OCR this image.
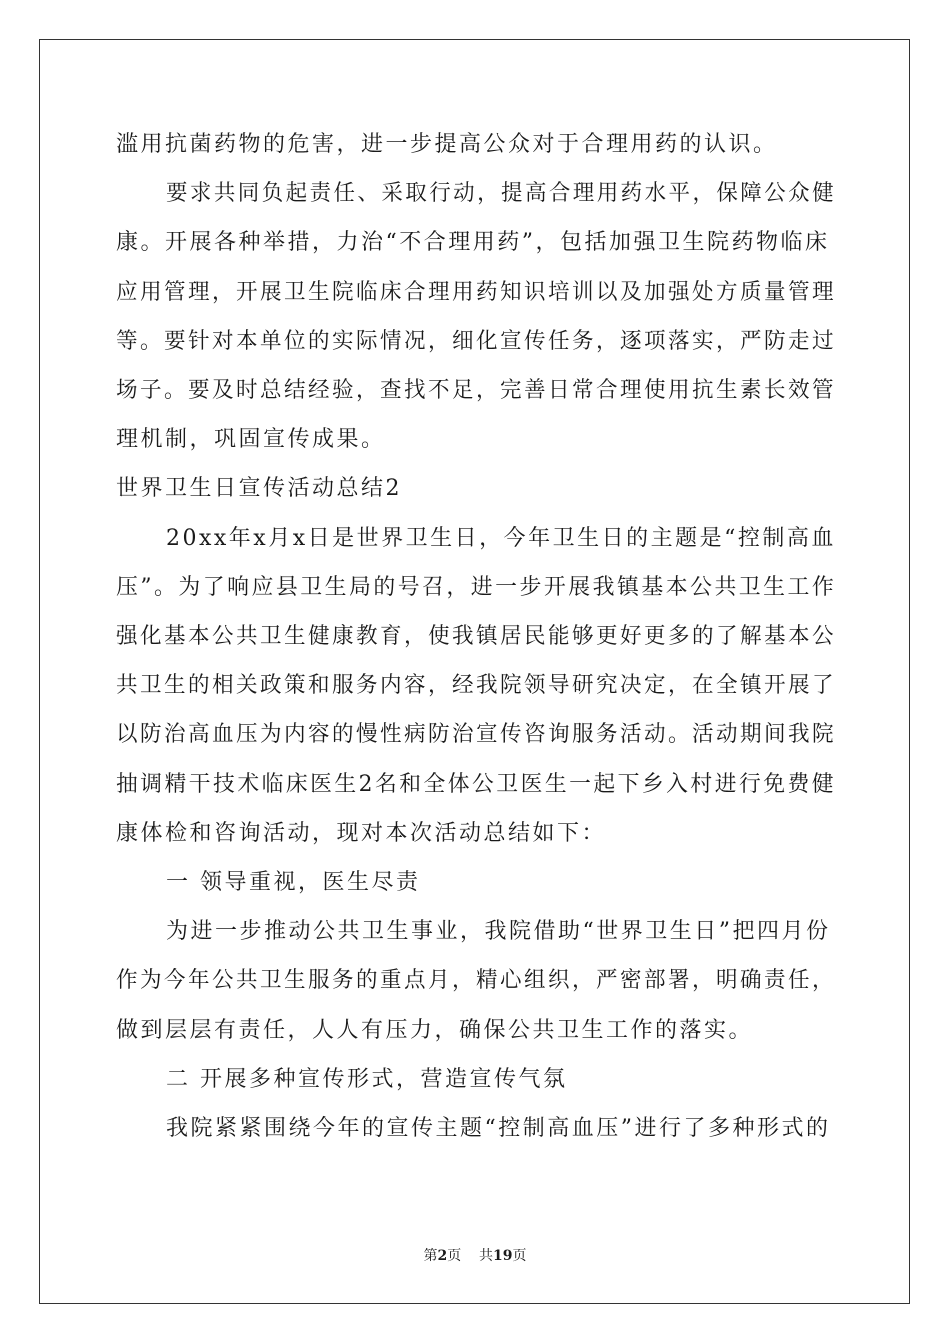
滥用抗菌药物的危害，进一步提高公众对于合理用药的认识。
要求共同负起责任、采取行动，提高合理用药水平，保障公众健
康。开展各种举措，力治“不合理用药”，包括加强卫生院药物临床
应用管理，开展卫生院临床合理用药知识培训以及加强处方质量管理
等。要针对本单位的实际情况，细化宣传任务，逐项落实，严防走过
场子。要及时总结经验，查找不足，完善日常合理使用抗生素长效管
理机制，巩固宣传成果。
世界卫生日宣传活动总结2
20xx年x月x日是世界卫生日，今年卫生日的主题是“控制高血
压”。为了响应县卫生局的号召，进一步开展我镇基本公共卫生工作
强化基本公共卫生健康教育，使我镇居民能够更好更多的了解基本公
共卫生的相关政策和服务内容，经我院领导研究决定，在全镇开展了
以防治高血压为内容的慢性病防治宣传咨询服务活动。活动期间我院
抽调精干技术临床医生2名和全体公卫医生一起下乡入村进行免费健
康体检和咨询活动，现对本次活动总结如下：
一 领导重视，医生尽责
为进一步推动公共卫生事业，我院借助“世界卫生日”把四月份
作为今年公共卫生服务的重点月，精心组织，严密部署，明确责任，
做到层层有责任，人人有压力，确保公共卫生工作的落实。
二 开展多种宣传形式，营造宣传气氛
我院紧紧围绕今年的宣传主题“控制高血压”进行了多种形式的
第2页    共19页
